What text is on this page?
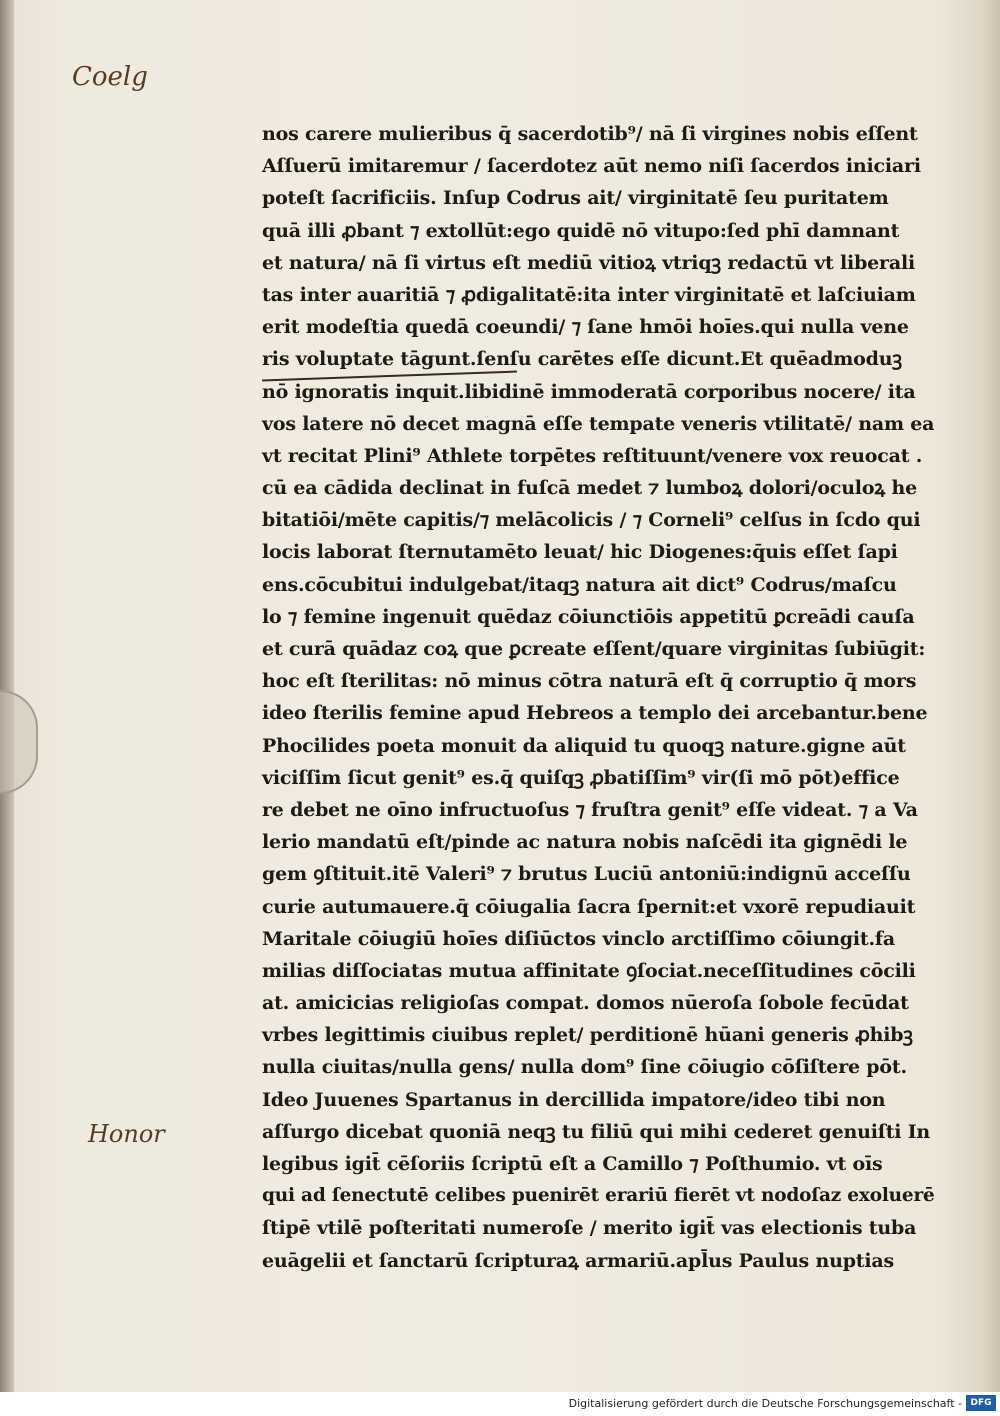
Coelg
Honor
nos carere mulieribus q̄ sacerdotib⁹/ nā ſi virgines nobis eſſent
Aſſuerū imitaremur / ſacerdotez aūt nemo niſi ſacerdos iniciari
poteſt ſacrificiis. Inſup Codrus ait/ virginitatē ſeu puritatem
quā illi ꝓbant ⁊ extollūt:ego quidē nō vitupo:ſed phī damnant
et natura/ nā ſi virtus eſt mediū vitioꝝ vtriqꝫ redactū vt liberali
tas inter auaritiā ⁊ ꝓdigalitatē:ita inter virginitatē et laſciuiam
erit modeſtia quedā coeundi/ ⁊ ſane hmōi hoīes.qui nulla vene
ris voluptate tāgunt.ſenſu carētes eſſe dicunt.Et quēadmoduꝫ
nō ignoratis inquit.libidinē immoderatā corporibus nocere/ ita
vos latere nō decet magnā eſſe tempate veneris vtilitatē/ nam ea
vt recitat Plini⁹ Athlete torpētes reſtituunt/venere vox reuocat .
cū ea cādida declinat in fuſcā medet ⁊ lumboꝝ dolori/oculoꝝ he
bitatiōi/mēte capitis/⁊ melācolicis / ⁊ Corneli⁹ celſus in ſcdo qui
locis laborat ſternutamēto leuat/ hic Diogenes:q̄uis eſſet ſapi
ens.cōcubitui indulgebat/itaqꝫ natura ait dict⁹ Codrus/maſcu
lo ⁊ femine ingenuit quēdaz cōiunctiōis appetitū ꝑcreādi cauſa
et curā quādaz coꝝ que ꝑcreate eſſent/quare virginitas ſubiūgit:
hoc eſt ſterilitas: nō minus cōtra naturā eſt q̄ corruptio q̄ mors
ideo ſterilis femine apud Hebreos a templo dei arcebantur.bene
Phocilides poeta monuit da aliquid tu quoqꝫ nature.gigne aūt
viciſſim ſicut genit⁹ es.q̄ quiſqꝫ ꝓbatiſſim⁹ vir(ſi mō pōt)effice
re debet ne oīno infructuoſus ⁊ fruſtra genit⁹ eſſe videat. ⁊ a Va
lerio mandatū eſt/pinde ac natura nobis naſcēdi ita gignēdi le
gem ꝯſtituit.itē Valeri⁹ ⁊ brutus Luciū antoniū:indignū acceſſu
curie autumauere.q̄ cōiugalia ſacra ſpernit:et vxorē repudiauit
Maritale cōiugiū hoīes diſiūctos vinclo arctiſſimo cōiungit.fa
milias diſſociatas mutua affinitate ꝯſociat.neceſſitudines cōcili
at. amicicias religioſas compat. domos nūeroſa ſobole fecūdat
vrbes legittimis ciuibus replet/ perditionē hūani generis ꝓhibꝫ
nulla ciuitas/nulla gens/ nulla dom⁹ ſine cōiugio cōſiſtere pōt.
Ideo Juuenes Spartanus in dercillida impatore/ideo tibi non
aſſurgo dicebat quoniā neqꝫ tu filiū qui mihi cederet genuiſti In
legibus igit̄ cēſoriis ſcriptū eſt a Camillo ⁊ Poſthumio. vt oīs
qui ad ſenectutē celibes puenirēt erariū fierēt vt nodoſaz exoluerē
ſtipē vtilē poſteritati numeroſe / merito igit̄ vas electionis tuba
euāgelii et ſanctarū ſcripturaꝝ armariū.apl̄us Paulus nuptias
Digitalisierung gefördert durch die Deutsche Forschungsgemeinschaft - DFG
